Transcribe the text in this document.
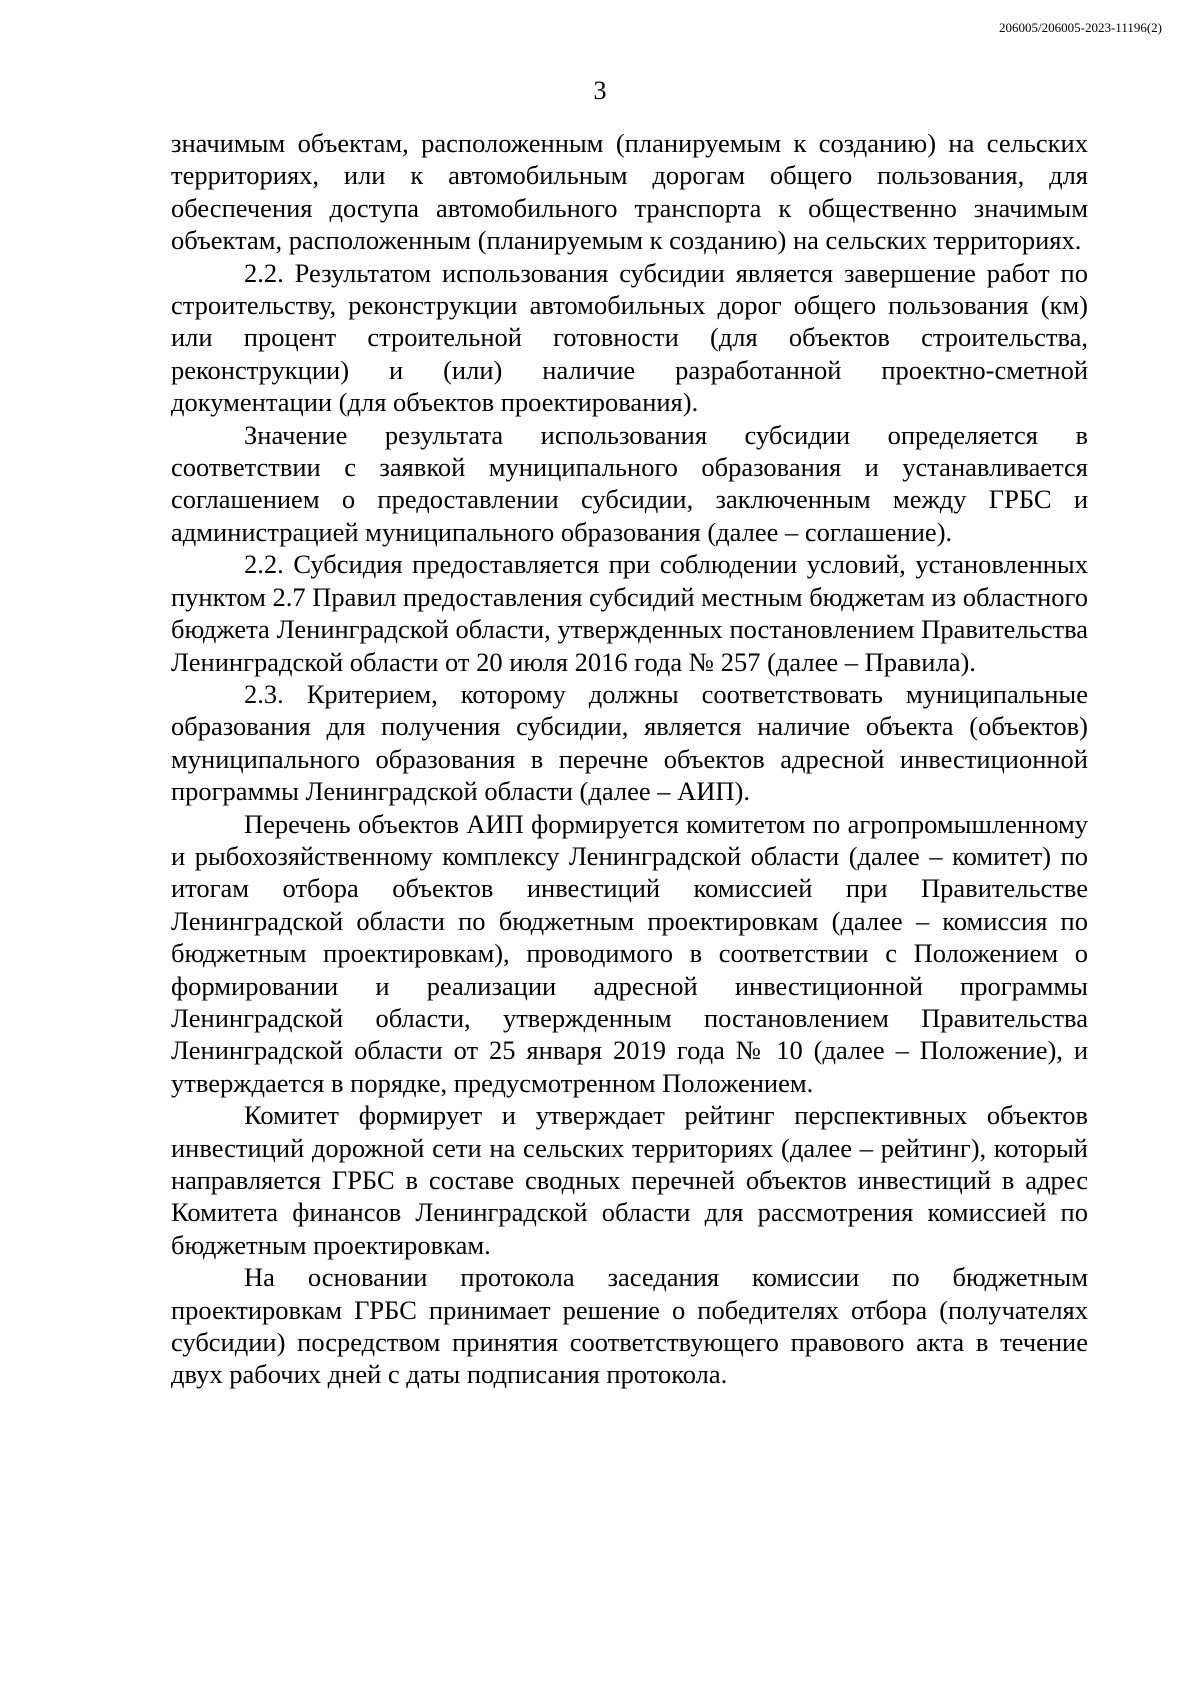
206005/206005-2023-11196(2)
3

значимым объектам, расположенным (планируемым к созданию) на сельских территориях, или к автомобильным дорогам общего пользования, для обеспечения доступа автомобильного транспорта к общественно значимым объектам, расположенным (планируемым к созданию) на сельских территориях.

2.2. Результатом использования субсидии является завершение работ по строительству, реконструкции автомобильных дорог общего пользования (км) или процент строительной готовности (для объектов строительства, реконструкции) и (или) наличие разработанной проектно-сметной документации (для объектов проектирования).

Значение результата использования субсидии определяется в соответствии с заявкой муниципального образования и устанавливается соглашением о предоставлении субсидии, заключенным между ГРБС и администрацией муниципального образования (далее – соглашение).

2.2. Субсидия предоставляется при соблюдении условий, установленных пунктом 2.7 Правил предоставления субсидий местным бюджетам из областного бюджета Ленинградской области, утвержденных постановлением Правительства Ленинградской области от 20 июля 2016 года № 257 (далее – Правила).

2.3. Критерием, которому должны соответствовать муниципальные образования для получения субсидии, является наличие объекта (объектов) муниципального образования в перечне объектов адресной инвестиционной программы Ленинградской области (далее – АИП).

Перечень объектов АИП формируется комитетом по агропромышленному и рыбохозяйственному комплексу Ленинградской области (далее – комитет) по итогам отбора объектов инвестиций комиссией при Правительстве Ленинградской области по бюджетным проектировкам (далее – комиссия по бюджетным проектировкам), проводимого в соответствии с Положением о формировании и реализации адресной инвестиционной программы Ленинградской области, утвержденным постановлением Правительства Ленинградской области от 25 января 2019 года № 10 (далее – Положение), и утверждается в порядке, предусмотренном Положением.

Комитет формирует и утверждает рейтинг перспективных объектов инвестиций дорожной сети на сельских территориях (далее – рейтинг), который направляется ГРБС в составе сводных перечней объектов инвестиций в адрес Комитета финансов Ленинградской области для рассмотрения комиссией по бюджетным проектировкам.

На основании протокола заседания комиссии по бюджетным проектировкам ГРБС принимает решение о победителях отбора (получателях субсидии) посредством принятия соответствующего правового акта в течение двух рабочих дней с даты подписания протокола.
